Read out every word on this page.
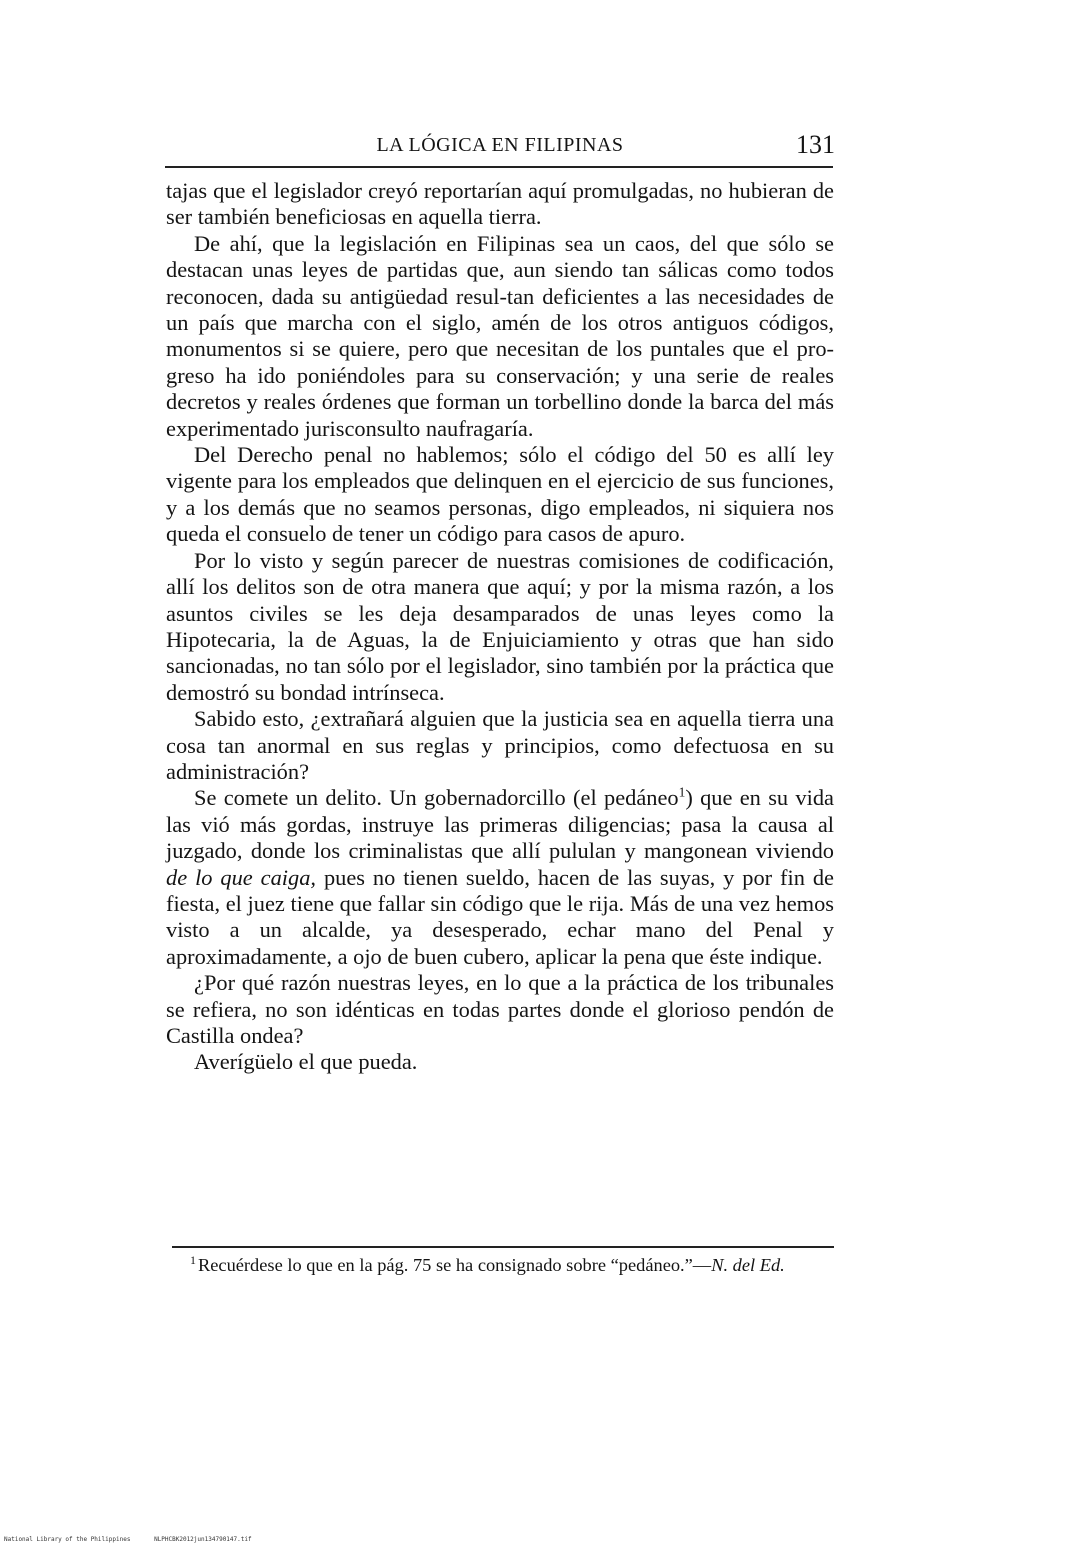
LA LÓGICA EN FILIPINAS	131

tajas que el legislador creyó reportarían aquí promulgadas, no hubieran de ser también beneficiosas en aquella tierra.

De ahí, que la legislación en Filipinas sea un caos, del que sólo se destacan unas leyes de partidas que, aun siendo tan sálicas como todos reconocen, dada su antigüedad resul-tan deficientes a las necesidades de un país que marcha con el siglo, amén de los otros antiguos códigos, monumentos si se quiere, pero que necesitan de los puntales que el progreso ha ido poniéndoles para su conservación; y una serie de reales decretos y reales órdenes que forman un torbellino donde la barca del más experimentado jurisconsulto naufragaría.

Del Derecho penal no hablemos; sólo el código del 50 es allí ley vigente para los empleados que delinquen en el ejercicio de sus funciones, y a los demás que no seamos personas, digo empleados, ni siquiera nos queda el consuelo de tener un código para casos de apuro.

Por lo visto y según parecer de nuestras comisiones de codificación, allí los delitos son de otra manera que aquí; y por la misma razón, a los asuntos civiles se les deja desamparados de unas leyes como la Hipotecaria, la de Aguas, la de Enjuiciamiento y otras que han sido sancionadas, no tan sólo por el legislador, sino también por la práctica que demostró su bondad intrínseca.

Sabido esto, ¿extrañará alguien que la justicia sea en aquella tierra una cosa tan anormal en sus reglas y principios, como defectuosa en su administración?

Se comete un delito. Un gobernadorcillo (el pedáneo$^1$) que en su vida las vió más gordas, instruye las primeras diligencias; pasa la causa al juzgado, donde los criminalistas que allí pululan y mangonean viviendo de lo que caiga, pues no tienen sueldo, hacen de las suyas, y por fin de fiesta, el juez tiene que fallar sin código que le rija. Más de una vez hemos visto a un alcalde, ya desesperado, echar mano del Penal y aproximadamente, a ojo de buen cubero, aplicar la pena que éste indique.

¿Por qué razón nuestras leyes, en lo que a la práctica de los tribunales se refiera, no son idénticas en todas partes donde el glorioso pendón de Castilla ondea?

Averígüelo el que pueda.

$^1$ Recuérdese lo que en la pág. 75 se ha consignado sobre “pedáneo.”—N. del Ed.

National Library of the Philippines	NLPHCBK2012jun134790147.tif
